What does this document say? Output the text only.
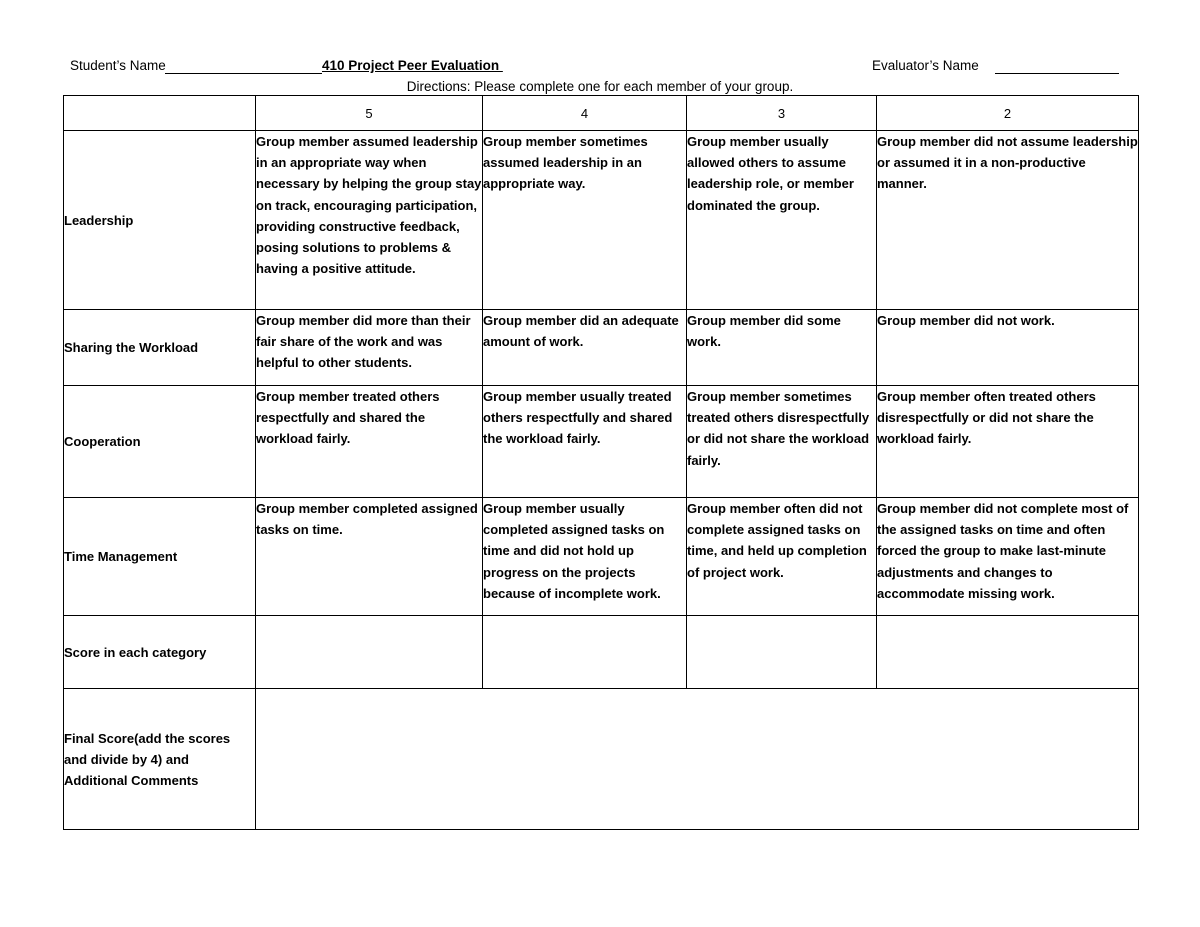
Student’s Name	410 Project Peer Evaluation	Evaluator’s Name
Directions: Please complete one for each member of your group.
	5	4	3	2
Leadership	Group member assumed leadership in an appropriate way when necessary by helping the group stay on track, encouraging participation, providing constructive feedback, posing solutions to problems & having a positive attitude.	Group member sometimes assumed leadership in an appropriate way.	Group member usually allowed others to assume leadership role, or member dominated the group.	Group member did not assume leadership or assumed it in a non-productive manner.
Sharing the Workload	Group member did more than their fair share of the work and was helpful to other students.	Group member did an adequate amount of work.	Group member did some work.	Group member did not work.
Cooperation	Group member treated others respectfully and shared the workload fairly.	Group member usually treated others respectfully and shared the workload fairly.	Group member sometimes treated others disrespectfully or did not share the workload fairly.	Group member often treated others disrespectfully or did not share the workload fairly.
Time Management	Group member completed assigned tasks on time.	Group member usually completed assigned tasks on time and did not hold up progress on the projects because of incomplete work.	Group member often did not complete assigned tasks on time, and held up completion of project work.	Group member did not complete most of the assigned tasks on time and often forced the group to make last-minute adjustments and changes to accommodate missing work.
Score in each category				
Final Score(add the scores and divide by 4) and Additional Comments				
